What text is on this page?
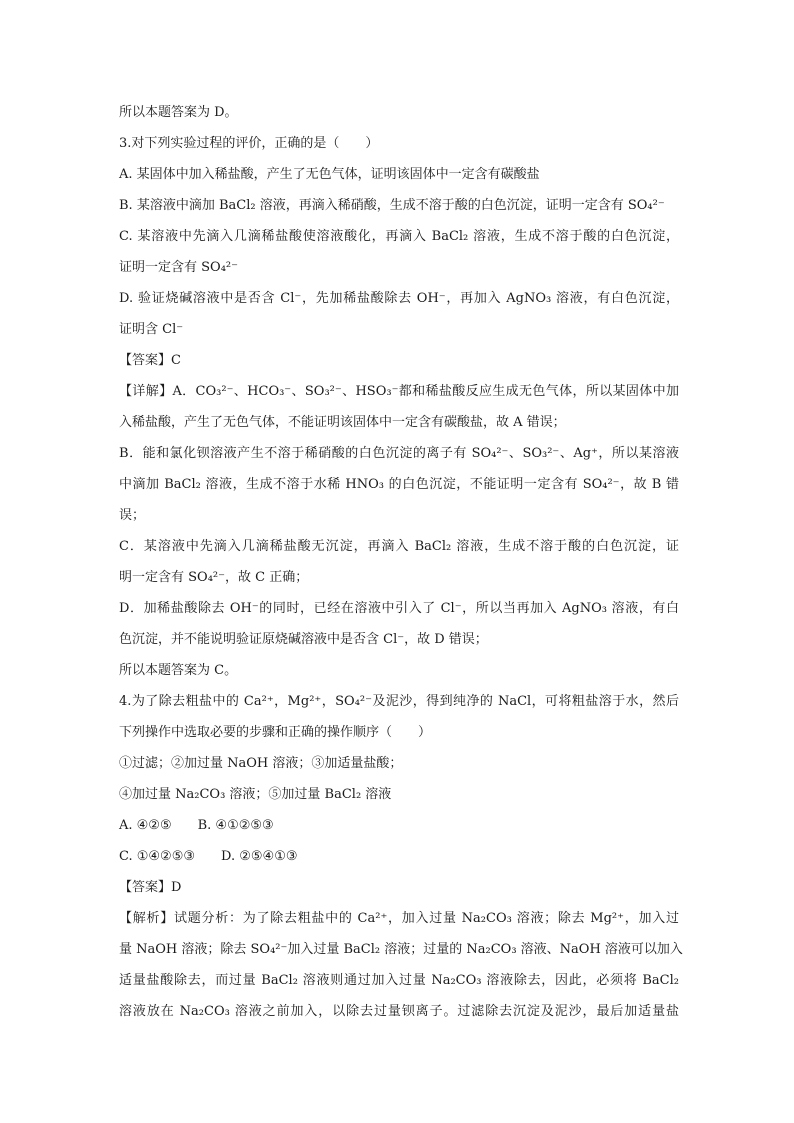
所以本题答案为 D。
3.对下列实验过程的评价，正确的是（　　）
A. 某固体中加入稀盐酸，产生了无色气体，证明该固体中一定含有碳酸盐
B. 某溶液中滴加 BaCl₂ 溶液，再滴入稀硝酸，生成不溶于酸的白色沉淀，证明一定含有 SO₄²⁻
C. 某溶液中先滴入几滴稀盐酸使溶液酸化，再滴入 BaCl₂ 溶液，生成不溶于酸的白色沉淀，
证明一定含有 SO₄²⁻
D. 验证烧碱溶液中是否含 Cl⁻，先加稀盐酸除去 OH⁻，再加入 AgNO₃ 溶液，有白色沉淀，
证明含 Cl⁻
【答案】C
【详解】A．CO₃²⁻、HCO₃⁻、SO₃²⁻、HSO₃⁻都和稀盐酸反应生成无色气体，所以某固体中加
入稀盐酸，产生了无色气体，不能证明该固体中一定含有碳酸盐，故 A 错误；
B．能和氯化钡溶液产生不溶于稀硝酸的白色沉淀的离子有 SO₄²⁻、SO₃²⁻、Ag⁺，所以某溶液
中滴加 BaCl₂ 溶液，生成不溶于水稀 HNO₃ 的白色沉淀，不能证明一定含有 SO₄²⁻，故 B 错
误；
C．某溶液中先滴入几滴稀盐酸无沉淀，再滴入 BaCl₂ 溶液，生成不溶于酸的白色沉淀，证
明一定含有 SO₄²⁻，故 C 正确；
D．加稀盐酸除去 OH⁻的同时，已经在溶液中引入了 Cl⁻，所以当再加入 AgNO₃ 溶液，有白
色沉淀，并不能说明验证原烧碱溶液中是否含 Cl⁻，故 D 错误；
所以本题答案为 C。
4.为了除去粗盐中的 Ca²⁺，Mg²⁺，SO₄²⁻及泥沙，得到纯净的 NaCl，可将粗盐溶于水，然后
下列操作中选取必要的步骤和正确的操作顺序（　　）
①过滤；②加过量 NaOH 溶液；③加适量盐酸；
④加过量 Na₂CO₃ 溶液；⑤加过量 BaCl₂ 溶液
A. ④②⑤　　B. ④①②⑤③
C. ①④②⑤③　　D. ②⑤④①③
【答案】D
【解析】试题分析：为了除去粗盐中的 Ca²⁺，加入过量 Na₂CO₃ 溶液；除去 Mg²⁺，加入过
量 NaOH 溶液；除去 SO₄²⁻加入过量 BaCl₂ 溶液；过量的 Na₂CO₃ 溶液、NaOH 溶液可以加入
适量盐酸除去，而过量 BaCl₂ 溶液则通过加入过量 Na₂CO₃ 溶液除去，因此，必须将 BaCl₂
溶液放在 Na₂CO₃ 溶液之前加入，以除去过量钡离子。过滤除去沉淀及泥沙，最后加适量盐
